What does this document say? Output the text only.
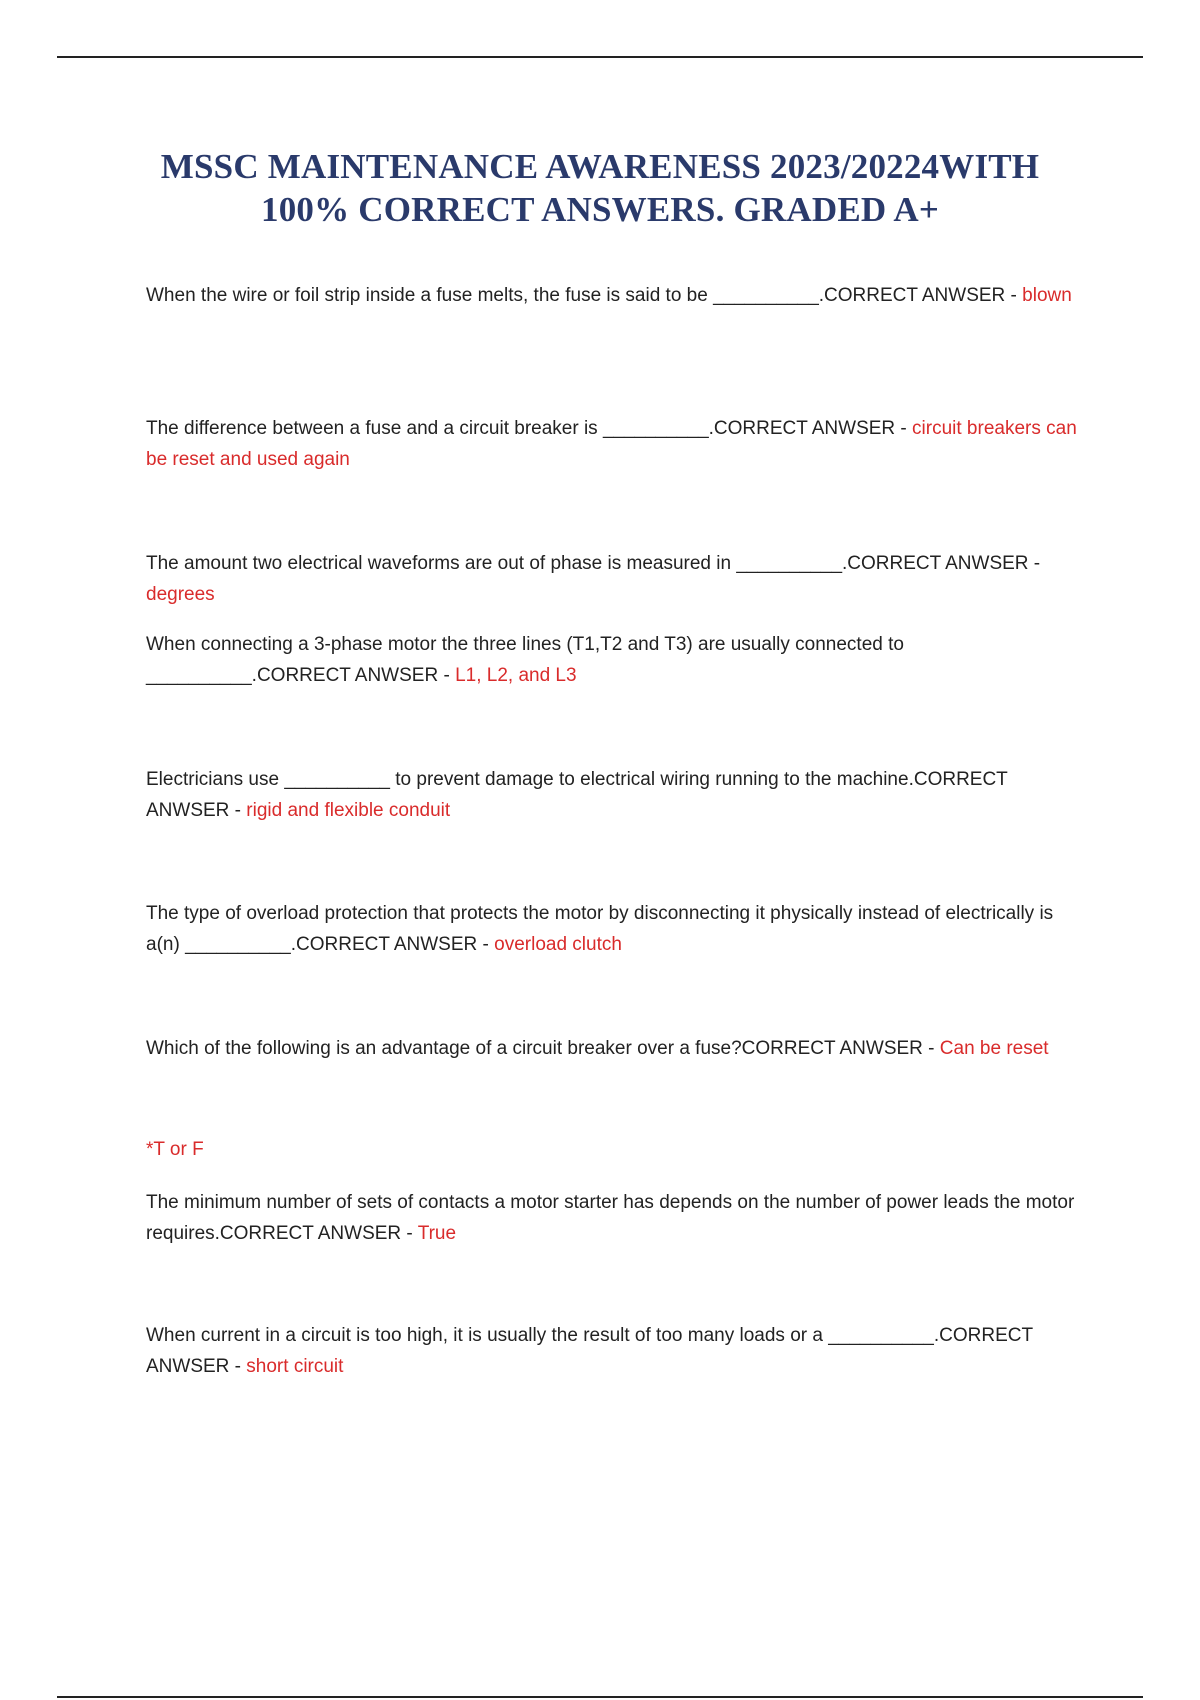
MSSC MAINTENANCE AWARENESS 2023/20224WITH
100% CORRECT ANSWERS. GRADED A+

When the wire or foil strip inside a fuse melts, the fuse is said to be __________.CORRECT ANWSER - blown

The difference between a fuse and a circuit breaker is __________.CORRECT ANWSER - circuit breakers can be reset and used again

The amount two electrical waveforms are out of phase is measured in __________.CORRECT ANWSER - degrees

When connecting a 3-phase motor the three lines (T1,T2 and T3) are usually connected to __________.CORRECT ANWSER - L1, L2, and L3

Electricians use __________ to prevent damage to electrical wiring running to the machine.CORRECT ANWSER - rigid and flexible conduit

The type of overload protection that protects the motor by disconnecting it physically instead of electrically is a(n) __________.CORRECT ANWSER - overload clutch

Which of the following is an advantage of a circuit breaker over a fuse?CORRECT ANWSER - Can be reset

*T or F

The minimum number of sets of contacts a motor starter has depends on the number of power leads the motor requires.CORRECT ANWSER - True

When current in a circuit is too high, it is usually the result of too many loads or a __________.CORRECT ANWSER - short circuit
